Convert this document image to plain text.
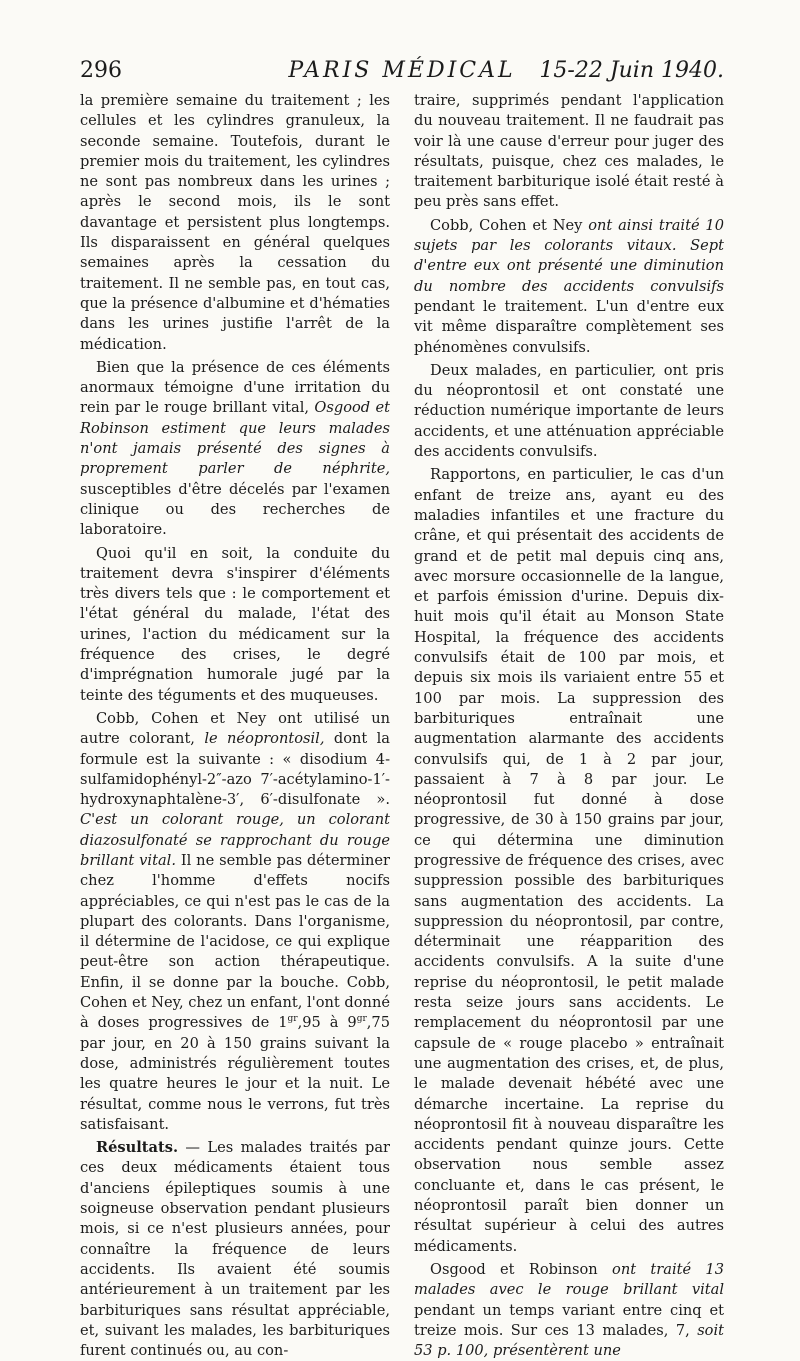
296	PARIS MÉDICAL	15-22 Juin 1940.

la première semaine du traitement ; les cellules et les cylindres granuleux, la seconde semaine. Toutefois, durant le premier mois du traitement, les cylindres ne sont pas nombreux dans les urines ; après le second mois, ils le sont davantage et persistent plus longtemps. Ils disparaissent en général quelques semaines après la cessation du traitement. Il ne semble pas, en tout cas, que la présence d'albumine et d'hématies dans les urines justifie l'arrêt de la médication.

Bien que la présence de ces éléments anormaux témoigne d'une irritation du rein par le rouge brillant vital, Osgood et Robinson estiment que leurs malades n'ont jamais présenté des signes à proprement parler de néphrite, susceptibles d'être décelés par l'examen clinique ou des recherches de laboratoire.

Quoi qu'il en soit, la conduite du traitement devra s'inspirer d'éléments très divers tels que : le comportement et l'état général du malade, l'état des urines, l'action du médicament sur la fréquence des crises, le degré d'imprégnation humorale jugé par la teinte des téguments et des muqueuses.

Cobb, Cohen et Ney ont utilisé un autre colorant, le néoprontosil, dont la formule est la suivante : « disodium 4-sulfamidophényl-2″-azo 7′-acétylamino-1′-hydroxynaphtalène-3′, 6′-disulfonate ». C'est un colorant rouge, un colorant diazosulfonaté se rapprochant du rouge brillant vital. Il ne semble pas déterminer chez l'homme d'effets nocifs appréciables, ce qui n'est pas le cas de la plupart des colorants. Dans l'organisme, il détermine de l'acidose, ce qui explique peut-être son action thérapeutique. Enfin, il se donne par la bouche. Cobb, Cohen et Ney, chez un enfant, l'ont donné à doses progressives de $1^{gr},95$ à $9^{gr},75$ par jour, en 20 à 150 grains suivant la dose, administrés régulièrement toutes les quatre heures le jour et la nuit. Le résultat, comme nous le verrons, fut très satisfaisant.

Résultats. — Les malades traités par ces deux médicaments étaient tous d'anciens épileptiques soumis à une soigneuse observation pendant plusieurs mois, si ce n'est plusieurs années, pour connaître la fréquence de leurs accidents. Ils avaient été soumis antérieurement à un traitement par les barbituriques sans résultat appréciable, et, suivant les malades, les barbituriques furent continués ou, au con-

traire, supprimés pendant l'application du nouveau traitement. Il ne faudrait pas voir là une cause d'erreur pour juger des résultats, puisque, chez ces malades, le traitement barbiturique isolé était resté à peu près sans effet.

Cobb, Cohen et Ney ont ainsi traité 10 sujets par les colorants vitaux. Sept d'entre eux ont présenté une diminution du nombre des accidents convulsifs pendant le traitement. L'un d'entre eux vit même disparaître complètement ses phénomènes convulsifs.

Deux malades, en particulier, ont pris du néoprontosil et ont constaté une réduction numérique importante de leurs accidents, et une atténuation appréciable des accidents convulsifs.

Rapportons, en particulier, le cas d'un enfant de treize ans, ayant eu des maladies infantiles et une fracture du crâne, et qui présentait des accidents de grand et de petit mal depuis cinq ans, avec morsure occasionnelle de la langue, et parfois émission d'urine. Depuis dix-huit mois qu'il était au Monson State Hospital, la fréquence des accidents convulsifs était de 100 par mois, et depuis six mois ils variaient entre 55 et 100 par mois. La suppression des barbituriques entraînait une augmentation alarmante des accidents convulsifs qui, de 1 à 2 par jour, passaient à 7 à 8 par jour. Le néoprontosil fut donné à dose progressive, de 30 à 150 grains par jour, ce qui détermina une diminution progressive de fréquence des crises, avec suppression possible des barbituriques sans augmentation des accidents. La suppression du néoprontosil, par contre, déterminait une réapparition des accidents convulsifs. A la suite d'une reprise du néoprontosil, le petit malade resta seize jours sans accidents. Le remplacement du néoprontosil par une capsule de « rouge placebo » entraînait une augmentation des crises, et, de plus, le malade devenait hébété avec une démarche incertaine. La reprise du néoprontosil fit à nouveau disparaître les accidents pendant quinze jours. Cette observation nous semble assez concluante et, dans le cas présent, le néoprontosil paraît bien donner un résultat supérieur à celui des autres médicaments.

Osgood et Robinson ont traité 13 malades avec le rouge brillant vital pendant un temps variant entre cinq et treize mois. Sur ces 13 malades, 7, soit 53 p. 100, présentèrent une
